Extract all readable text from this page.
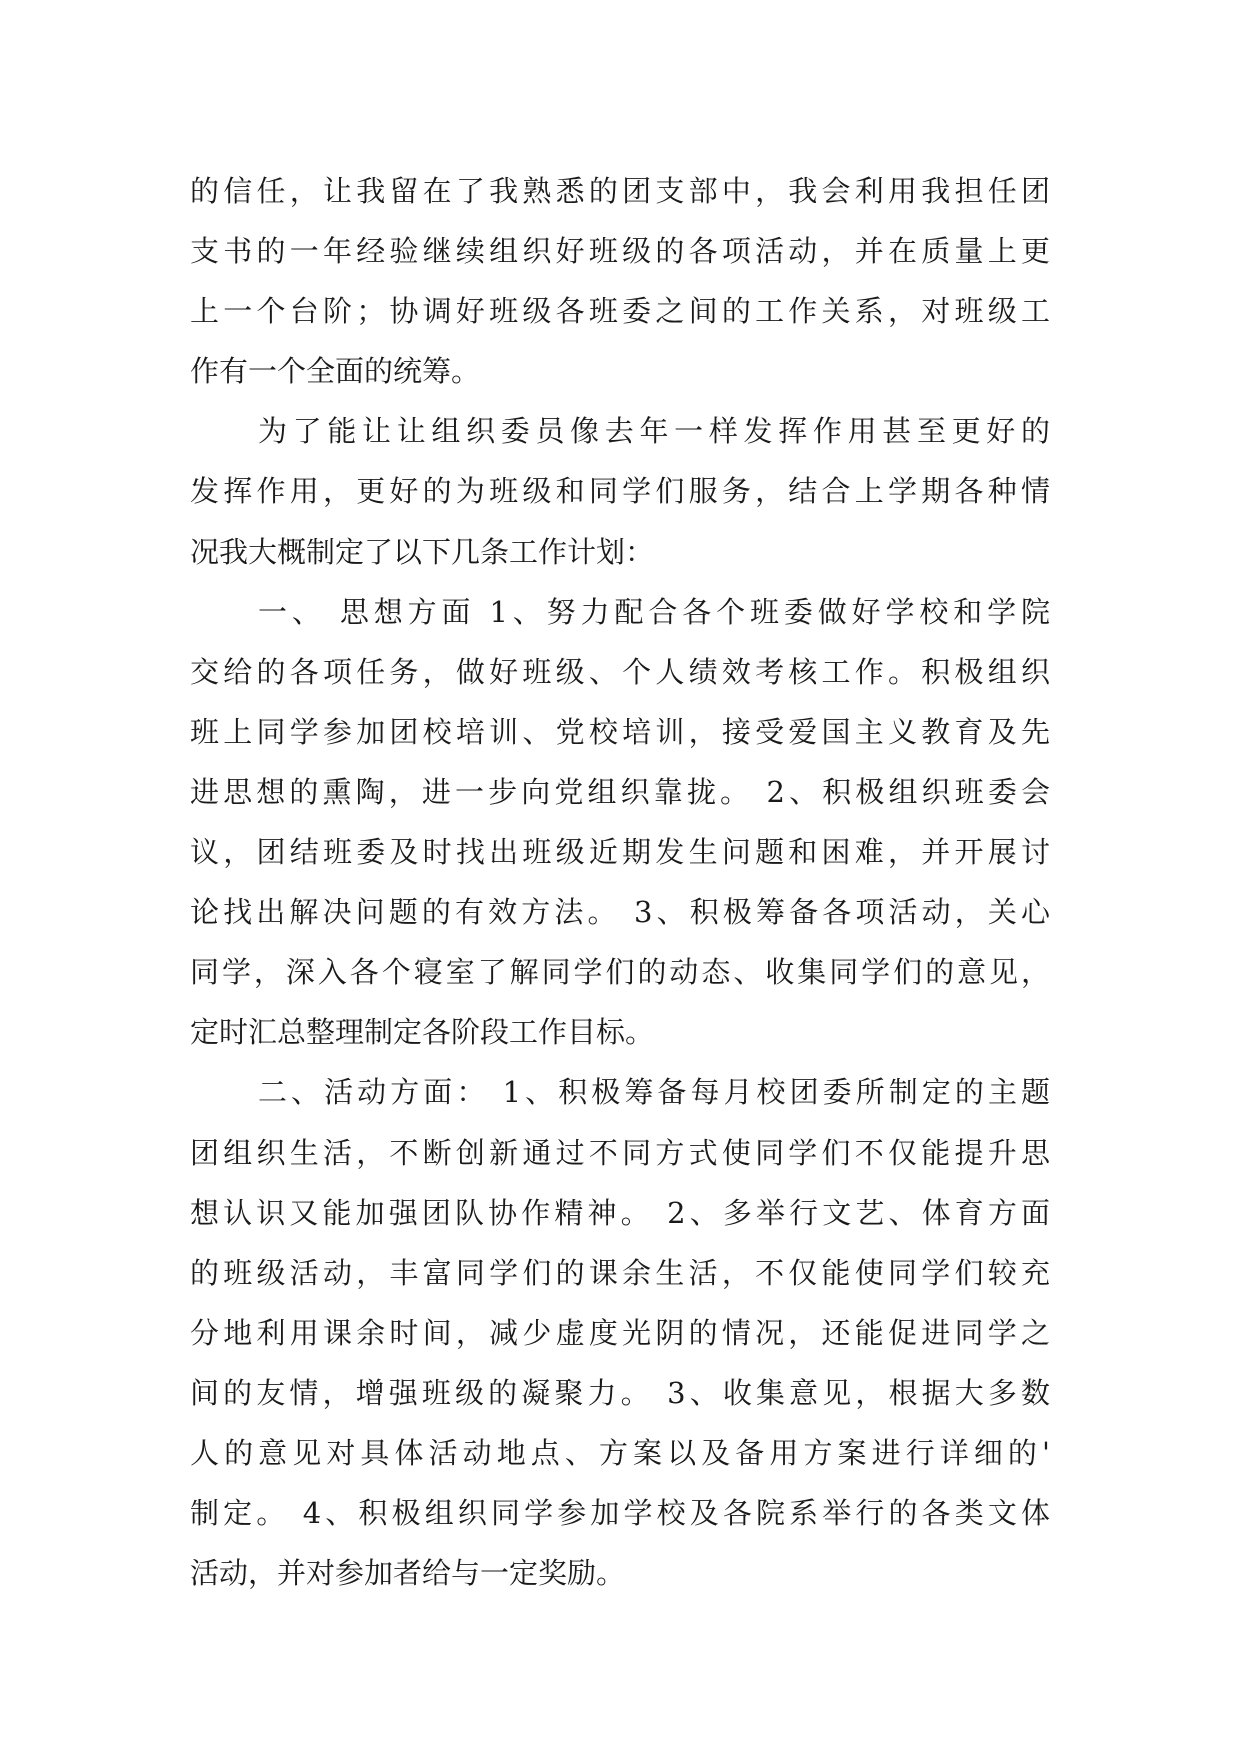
的信任，让我留在了我熟悉的团支部中，我会利用我担任团
支书的一年经验继续组织好班级的各项活动，并在质量上更
上一个台阶；协调好班级各班委之间的工作关系，对班级工
作有一个全面的统筹。
为了能让让组织委员像去年一样发挥作用甚至更好的
发挥作用，更好的为班级和同学们服务，结合上学期各种情
况我大概制定了以下几条工作计划：
一、 思想方面 1、努力配合各个班委做好学校和学院
交给的各项任务，做好班级、个人绩效考核工作。积极组织
班上同学参加团校培训、党校培训，接受爱国主义教育及先
进思想的熏陶，进一步向党组织靠拢。 2、积极组织班委会
议，团结班委及时找出班级近期发生问题和困难，并开展讨
论找出解决问题的有效方法。 3、积极筹备各项活动，关心
同学，深入各个寝室了解同学们的动态、收集同学们的意见，
定时汇总整理制定各阶段工作目标。
二、活动方面： 1、积极筹备每月校团委所制定的主题
团组织生活，不断创新通过不同方式使同学们不仅能提升思
想认识又能加强团队协作精神。 2、多举行文艺、体育方面
的班级活动，丰富同学们的课余生活，不仅能使同学们较充
分地利用课余时间，减少虚度光阴的情况，还能促进同学之
间的友情，增强班级的凝聚力。 3、收集意见，根据大多数
人的意见对具体活动地点、方案以及备用方案进行详细的'
制定。 4、积极组织同学参加学校及各院系举行的各类文体
活动，并对参加者给与一定奖励。
